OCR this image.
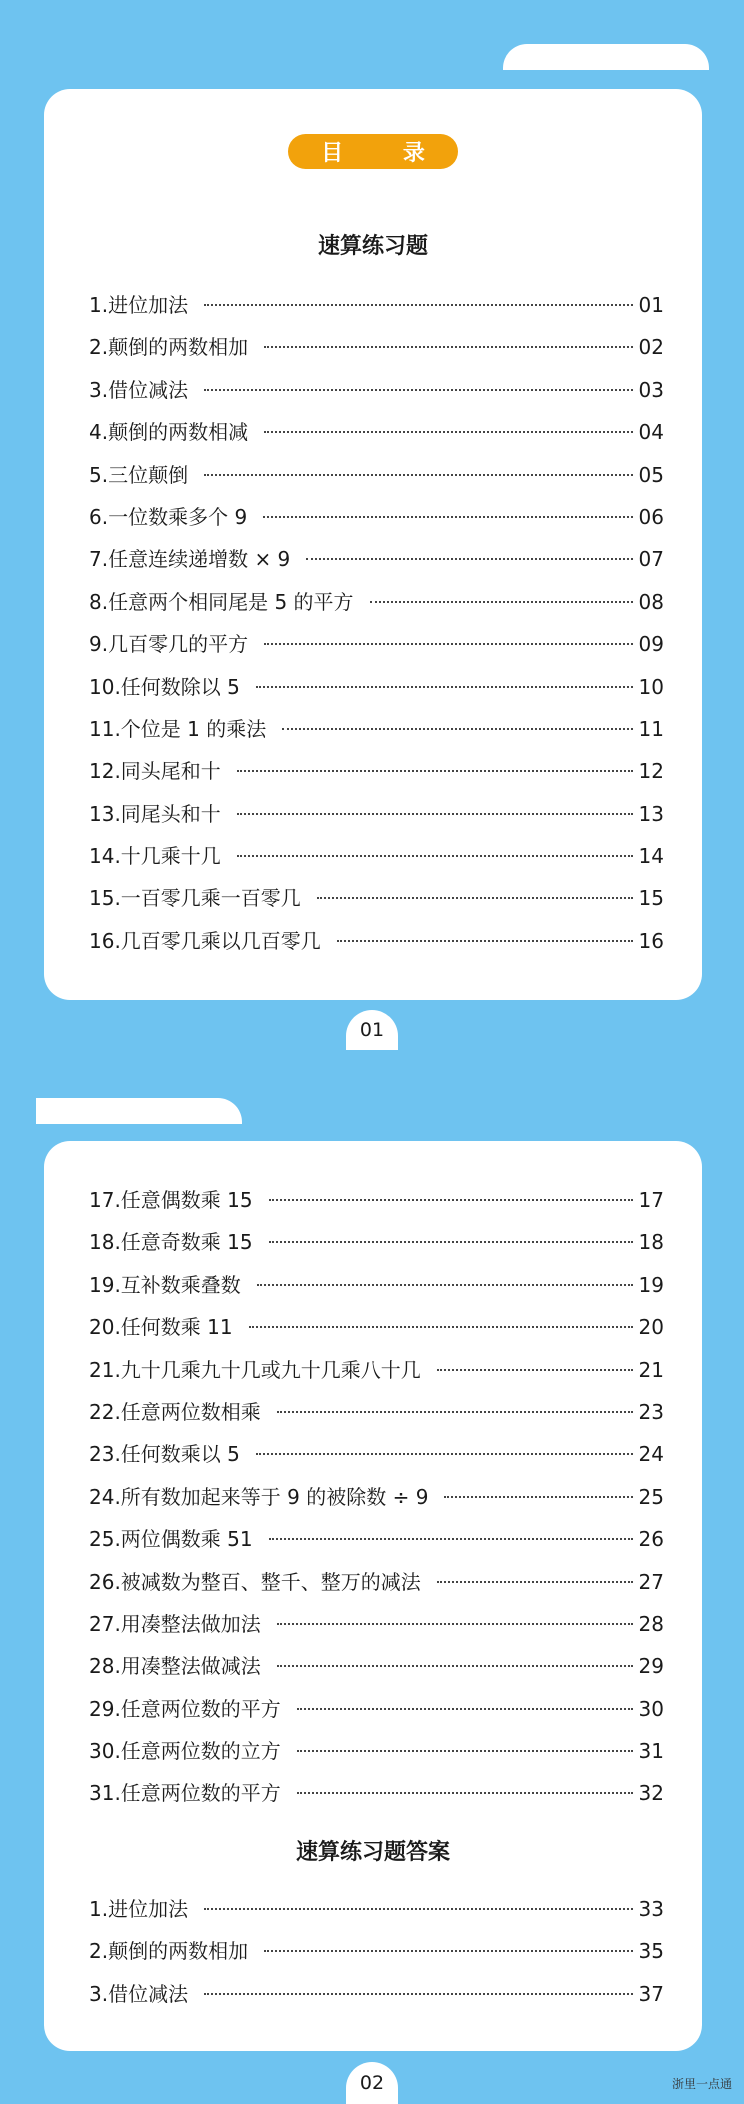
目 录
速算练习题
1.进位加法	01
2.颠倒的两数相加	02
3.借位减法	03
4.颠倒的两数相减	04
5.三位颠倒	05
6.一位数乘多个 9	06
7.任意连续递增数 × 9	07
8.任意两个相同尾是 5 的平方	08
9.几百零几的平方	09
10.任何数除以 5	10
11.个位是 1 的乘法	11
12.同头尾和十	12
13.同尾头和十	13
14.十几乘十几	14
15.一百零几乘一百零几	15
16.几百零几乘以几百零几	16
01
17.任意偶数乘 15	17
18.任意奇数乘 15	18
19.互补数乘叠数	19
20.任何数乘 11	20
21.九十几乘九十几或九十几乘八十几	21
22.任意两位数相乘	23
23.任何数乘以 5	24
24.所有数加起来等于 9 的被除数 ÷ 9	25
25.两位偶数乘 51	26
26.被减数为整百、整千、整万的减法	27
27.用凑整法做加法	28
28.用凑整法做减法	29
29.任意两位数的平方	30
30.任意两位数的立方	31
31.任意两位数的平方	32
速算练习题答案
1.进位加法	33
2.颠倒的两数相加	35
3.借位减法	37
02	浙里一点通
